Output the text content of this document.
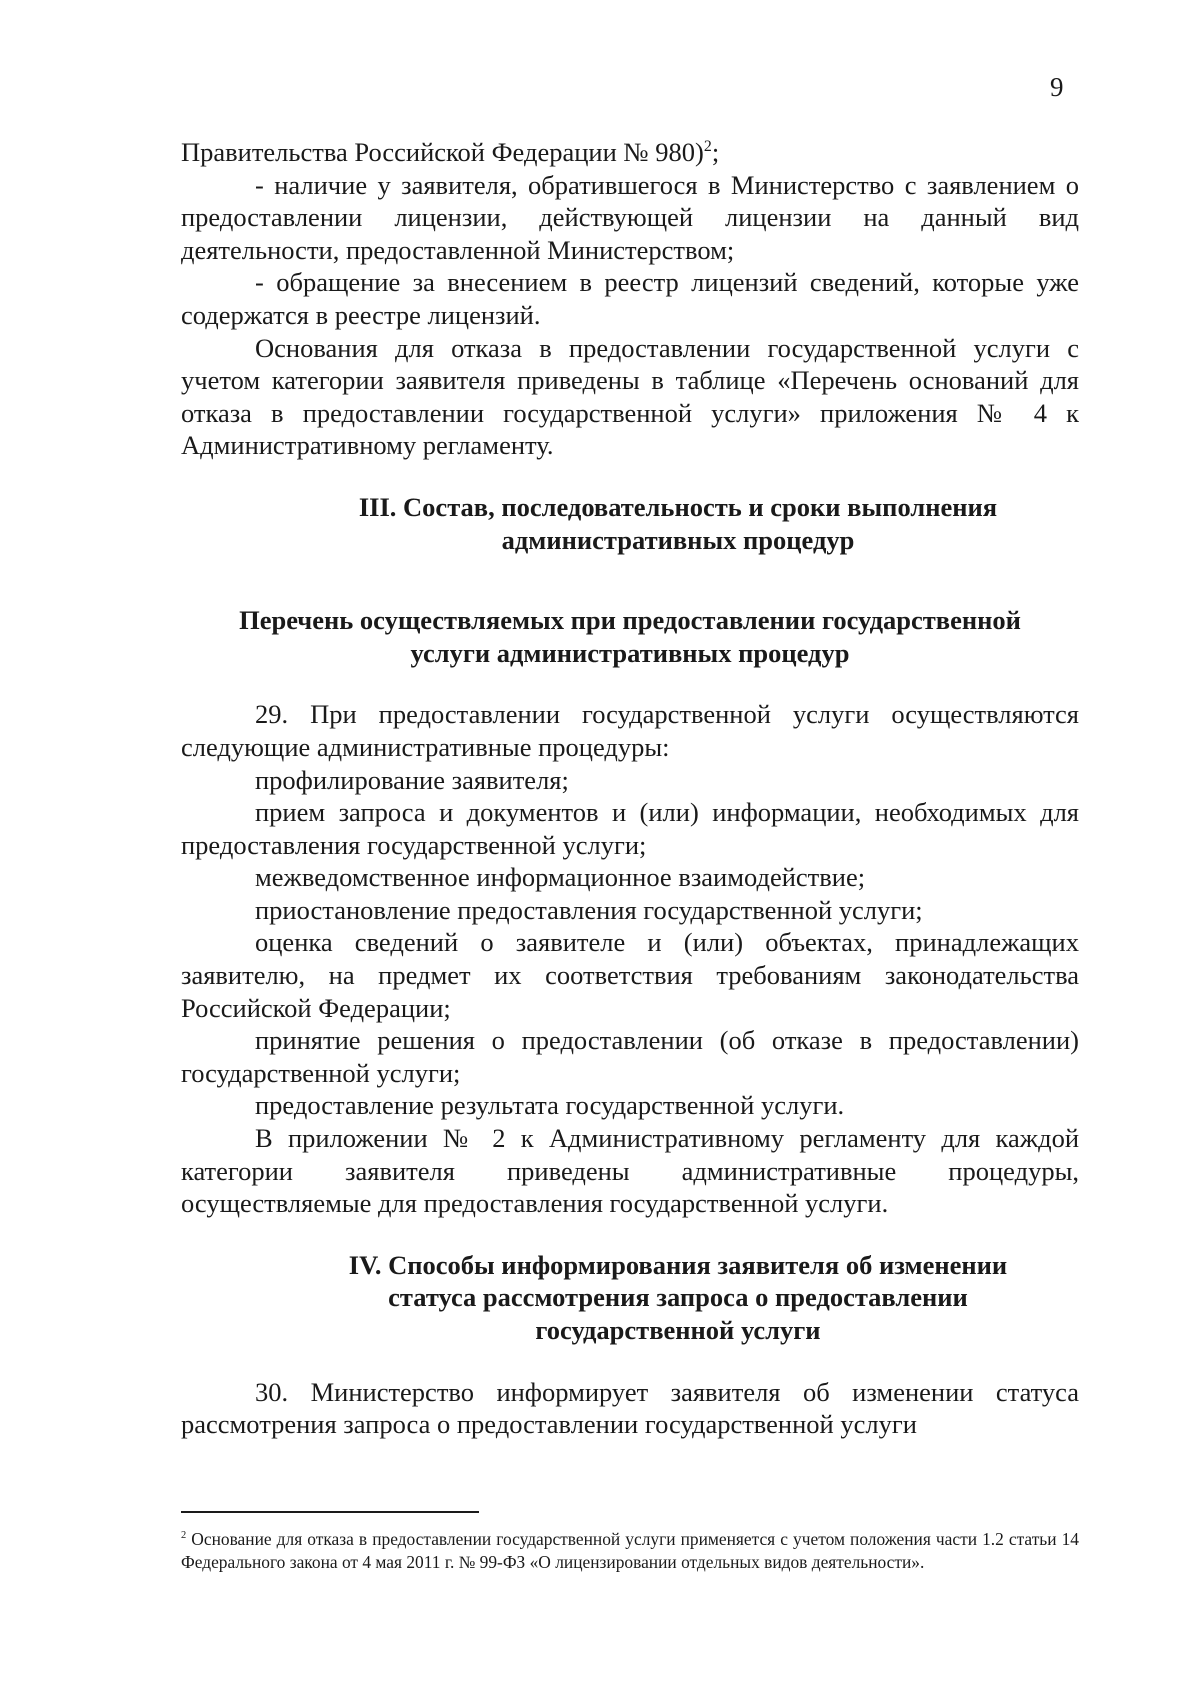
9

Правительства Российской Федерации № 980)$^2$;

- наличие у заявителя, обратившегося в Министерство с заявлением о предоставлении лицензии, действующей лицензии на данный вид деятельности, предоставленной Министерством;

- обращение за внесением в реестр лицензий сведений, которые уже содержатся в реестре лицензий.

Основания для отказа в предоставлении государственной услуги с учетом категории заявителя приведены в таблице «Перечень оснований для отказа в предоставлении государственной услуги» приложения № 4 к Административному регламенту.

III. Состав, последовательность и сроки выполнения
административных процедур
Перечень осуществляемых при предоставлении государственной
услуги административных процедур

29. При предоставлении государственной услуги осуществляются следующие административные процедуры:

профилирование заявителя;

прием запроса и документов и (или) информации, необходимых для предоставления государственной услуги;

межведомственное информационное взаимодействие;

приостановление предоставления государственной услуги;

оценка сведений о заявителе и (или) объектах, принадлежащих заявителю, на предмет их соответствия требованиям законодательства Российской Федерации;

принятие решения о предоставлении (об отказе в предоставлении) государственной услуги;

предоставление результата государственной услуги.

В приложении № 2 к Административному регламенту для каждой категории заявителя приведены административные процедуры, осуществляемые для предоставления государственной услуги.

IV. Способы информирования заявителя об изменении
статуса рассмотрения запроса о предоставлении
государственной услуги

30. Министерство информирует заявителя об изменении статуса рассмотрения запроса о предоставлении государственной услуги

$^2$ Основание для отказа в предоставлении государственной услуги применяется с учетом положения части 1.2 статьи 14 Федерального закона от 4 мая 2011 г. № 99-ФЗ «О лицензировании отдельных видов деятельности».
